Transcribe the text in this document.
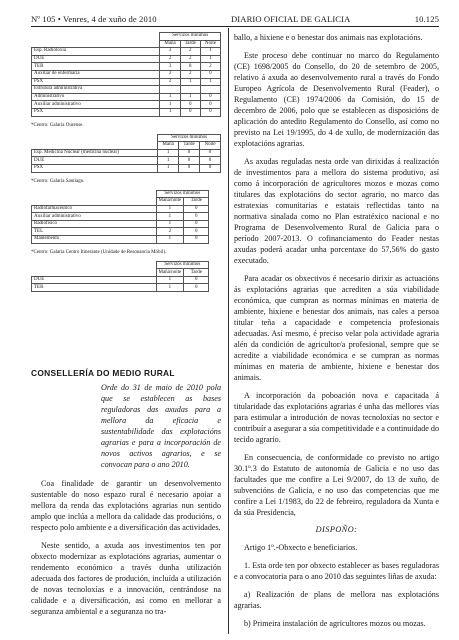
Nº 105 • Venres, 4 de xuño de 2010	DIARIO OFICIAL DE GALICIA	10.125
	Servizos mínimos		
	Mañá	Tarde	Noite
Esp. Radioloxía	3	2	1
DUE	2	2	1
TER	3	8	2
Auxiliar de enfermaría	2	2	0
PSX	2	1	1
Estrutura administrativa			
Administrativo	1	1	0
Auxiliar administrativo	1	0	0
PSX	1	0	0
*Centro: Galaria Ourense.
	Servizos mínimos		
	Mañá	Tarde	Noite
Esp. Medicina Nuclear (medicina nuclear)	1	0	0
DUE	1	0	0
PSX	1	0	0
*Centro: Galaria Santiago.
	Servizos mínimos	
	Mañá/noite	Tarde
Radiofarmacéutico	1	0
Auxiliar administrativo	1	0
Radiofísico	1	0
TEL	2	0
Mantemento	1	0
*Centro: Galaria Centro Itinerante (Unidade de Resonancia Móbil).
	Servizos mínimos	
	Mañá/noite	Tarde
DUE	1	0
TER	1	0
CONSELLERÍA DO MEDIO RURAL
Orde do 31 de maio de 2010 pola que se establecen as bases reguladoras das axudas para a mellora da eficacia e sustentabilidade das explotacións agrarias e para a incorporación de novos activos agrarios, e se convocan para o ano 2010.

Coa finalidade de garantir un desenvolvemento sustentable do noso espazo rural é necesario apoiar a mellora da renda das explotacións agrarias nun sentido amplo que inclúa a mellora da calidade das producións, o respecto polo ambiente e a diversificación das actividades.

Neste sentido, a axuda aos investimentos ten por obxecto modernizar as explotacións agrarias, aumentar o rendemento económico a través dunha utilización adecuada dos factores de produción, incluída a utilización de novas tecnoloxías e a innovación, centrándose na calidade e a diversificación, así como en mellorar a seguranza ambiental e a seguranza no tra-

ballo, a hixiene e o benestar dos animais nas explotacións.

Este proceso debe continuar no marco do Regulamento (CE) 1698/2005 do Consello, do 20 de setembro de 2005, relativo á axuda ao desenvolvemento rural a través do Fondo Europeo Agrícola de Desenvolvemento Rural (Feader), o Regulamento (CE) 1974/2006 da Comisión, do 15 de decembro de 2006, polo que se establecen as disposicións de aplicación do antedito Regulamento do Consello, así como no previsto na Lei 19/1995, do 4 de xullo, de modernización das explotacións agrarias.

As axudas reguladas nesta orde van dirixidas á realización de investimentos para a mellora do sistema produtivo, así como á incorporación de agricultores mozos e mozas como titulares das explotacións do sector agrario, no marco das estratexias comunitarias e estatais reflectidas tanto na normativa sinalada como no Plan estratéxico nacional e no Programa de Desenvolvemento Rural de Galicia para o período 2007-2013. O cofinanciamento do Feader nestas axudas poderá acadar unha porcentaxe do 57,56% do gasto executado.

Para acadar os obxectivos é necesario dirixir as actuacións ás explotacións agrarias que acrediten a súa viabilidade económica, que cumpran as normas mínimas en materia de ambiente, hixiene e benestar dos animais, nas cales a persoa titular teña a capacidade e competencia profesionais adecuadas. Así mesmo, é preciso velar pola actividade agraria alén da condición de agricultor/a profesional, sempre que se acredite a viabilidade económica e se cumpran as normas mínimas en materia de ambiente, hixiene e benestar dos animais.

A incorporación da poboación nova e capacitada á titularidade das explotacións agrarias é unha das mellores vías para estimular a introdución de novas tecnoloxías no sector e contribuír a asegurar a súa competitividade e a continuidade do tecido agrario.

En consecuencia, de conformidade co previsto no artigo 30.1º.3 do Estatuto de autonomía de Galicia e no uso das facultades que me confire a Lei 9/2007, do 13 de xuño, de subvencións de Galicia, e no uso das competencias que me confire a Lei 1/1983, do 22 de febreiro, reguladora da Xunta e da súa Presidencia,

DISPOÑO:

Artigo 1º.-Obxecto e beneficiarios.

1. Esta orde ten por obxecto establecer as bases reguladoras e a convocatoria para o ano 2010 das seguintes liñas de axuda:

a) Realización de plans de mellora nas explotacións agrarias.

b) Primeira instalación de agricultores mozos ou mozas.
